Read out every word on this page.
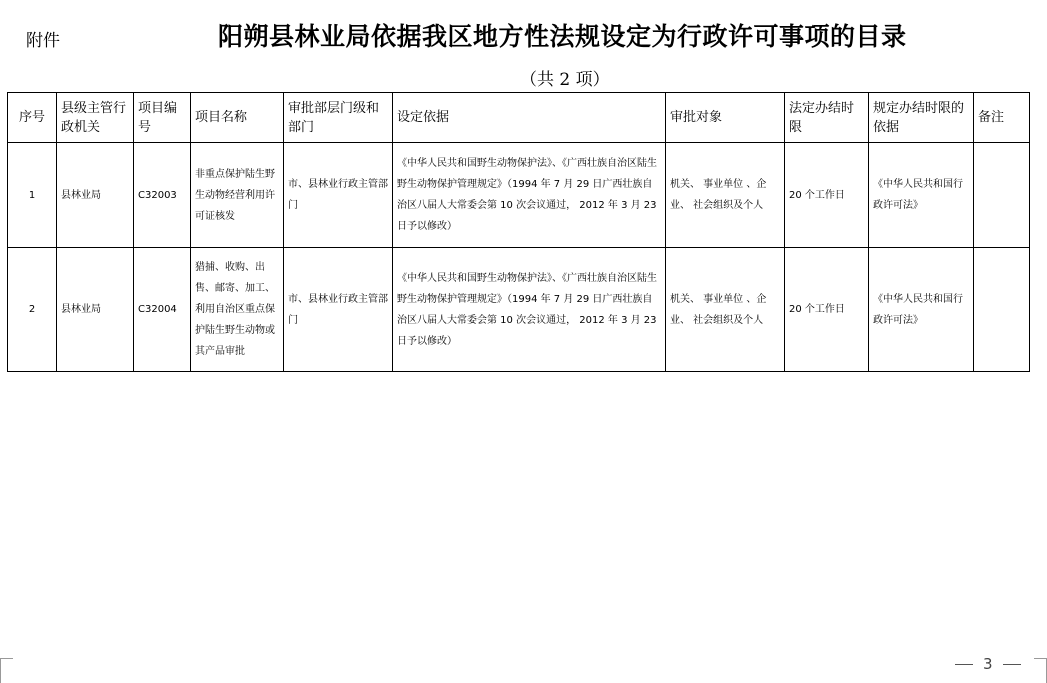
附件	阳朔县林业局依据我区地方性法规设定为行政许可事项的目录
（共 2 项）
序号	县级主管行政机关	项目编号	项目名称	审批部层门级和部门	设定依据	审批对象	法定办结时限	规定办结时限的依据	备注
1	县林业局	C32003	非重点保护陆生野生动物经营利用许可证核发	市、县林业行政主管部门	《中华人民共和国野生动物保护法》、《广西壮族自治区陆生野生动物保护管理规定》（1994 年 7 月 29 日广西壮族自治区八届人大常委会第 10 次会议通过， 2012 年 3 月 23 日予以修改）	机关、 事业单位 、企业、 社会组织及个人	20 个工作日	《中华人民共和国行政许可法》	
2	县林业局	C32004	猎捕、收购、出售、邮寄、加工、利用自治区重点保护陆生野生动物或其产品审批	市、县林业行政主管部门	《中华人民共和国野生动物保护法》、《广西壮族自治区陆生野生动物保护管理规定》（1994 年 7 月 29 日广西壮族自治区八届人大常委会第 10 次会议通过， 2012 年 3 月 23 日予以修改）	机关、 事业单位 、企业、 社会组织及个人	20 个工作日	《中华人民共和国行政许可法》	
3
